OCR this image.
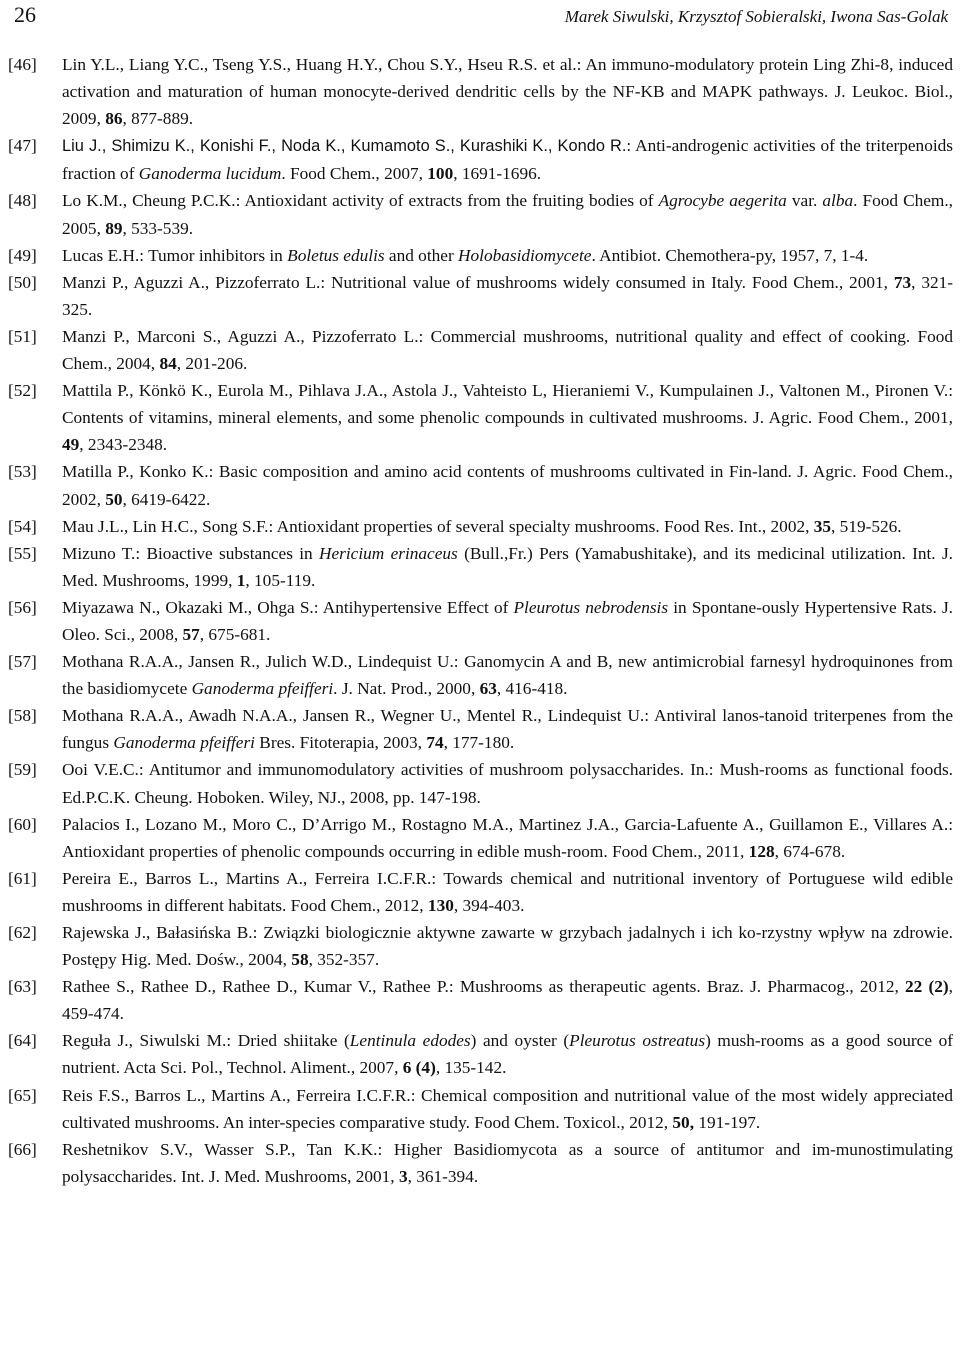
26	Marek Siwulski, Krzysztof Sobieralski, Iwona Sas-Golak
[46]	Lin Y.L., Liang Y.C., Tseng Y.S., Huang H.Y., Chou S.Y., Hseu R.S. et al.: An immuno-modulatory protein Ling Zhi-8, induced activation and maturation of human monocyte-derived dendritic cells by the NF-KB and MAPK pathways. J. Leukoc. Biol., 2009, 86, 877-889.
[47]	Liu J., Shimizu K., Konishi F., Noda K., Kumamoto S., Kurashiki K., Kondo R.: Anti-androgenic activities of the triterpenoids fraction of Ganoderma lucidum. Food Chem., 2007, 100, 1691-1696.
[48]	Lo K.M., Cheung P.C.K.: Antioxidant activity of extracts from the fruiting bodies of Agrocybe aegerita var. alba. Food Chem., 2005, 89, 533-539.
[49]	Lucas E.H.: Tumor inhibitors in Boletus edulis and other Holobasidiomycete. Antibiot. Chemothera-py, 1957, 7, 1-4.
[50]	Manzi P., Aguzzi A., Pizzoferrato L.: Nutritional value of mushrooms widely consumed in Italy. Food Chem., 2001, 73, 321-325.
[51]	Manzi P., Marconi S., Aguzzi A., Pizzoferrato L.: Commercial mushrooms, nutritional quality and effect of cooking. Food Chem., 2004, 84, 201-206.
[52]	Mattila P., Könkö K., Eurola M., Pihlava J.A., Astola J., Vahteisto L, Hieraniemi V., Kumpulainen J., Valtonen M., Pironen V.: Contents of vitamins, mineral elements, and some phenolic compounds in cultivated mushrooms. J. Agric. Food Chem., 2001, 49, 2343-2348.
[53]	Matilla P., Konko K.: Basic composition and amino acid contents of mushrooms cultivated in Fin-land. J. Agric. Food Chem., 2002, 50, 6419-6422.
[54]	Mau J.L., Lin H.C., Song S.F.: Antioxidant properties of several specialty mushrooms. Food Res. Int., 2002, 35, 519-526.
[55]	Mizuno T.: Bioactive substances in Hericium erinaceus (Bull.,Fr.) Pers (Yamabushitake), and its medicinal utilization. Int. J. Med. Mushrooms, 1999, 1, 105-119.
[56]	Miyazawa N., Okazaki M., Ohga S.: Antihypertensive Effect of Pleurotus nebrodensis in Spontane-ously Hypertensive Rats. J. Oleo. Sci., 2008, 57, 675-681.
[57]	Mothana R.A.A., Jansen R., Julich W.D., Lindequist U.: Ganomycin A and B, new antimicrobial farnesyl hydroquinones from the basidiomycete Ganoderma pfeifferi. J. Nat. Prod., 2000, 63, 416-418.
[58]	Mothana R.A.A., Awadh N.A.A., Jansen R., Wegner U., Mentel R., Lindequist U.: Antiviral lanos-tanoid triterpenes from the fungus Ganoderma pfeifferi Bres. Fitoterapia, 2003, 74, 177-180.
[59]	Ooi V.E.C.: Antitumor and immunomodulatory activities of mushroom polysaccharides. In.: Mush-rooms as functional foods. Ed.P.C.K. Cheung. Hoboken. Wiley, NJ., 2008, pp. 147-198.
[60]	Palacios I., Lozano M., Moro C., D’Arrigo M., Rostagno M.A., Martinez J.A., Garcia-Lafuente A., Guillamon E., Villares A.: Antioxidant properties of phenolic compounds occurring in edible mush-room. Food Chem., 2011, 128, 674-678.
[61]	Pereira E., Barros L., Martins A., Ferreira I.C.F.R.: Towards chemical and nutritional inventory of Portuguese wild edible mushrooms in different habitats. Food Chem., 2012, 130, 394-403.
[62]	Rajewska J., Bałasińska B.: Związki biologicznie aktywne zawarte w grzybach jadalnych i ich ko-rzystny wpływ na zdrowie. Postępy Hig. Med. Dośw., 2004, 58, 352-357.
[63]	Rathee S., Rathee D., Rathee D., Kumar V., Rathee P.: Mushrooms as therapeutic agents. Braz. J. Pharmacog., 2012, 22 (2), 459-474.
[64]	Reguła J., Siwulski M.: Dried shiitake (Lentinula edodes) and oyster (Pleurotus ostreatus) mush-rooms as a good source of nutrient. Acta Sci. Pol., Technol. Aliment., 2007, 6 (4), 135-142.
[65]	Reis F.S., Barros L., Martins A., Ferreira I.C.F.R.: Chemical composition and nutritional value of the most widely appreciated cultivated mushrooms. An inter-species comparative study. Food Chem. Toxicol., 2012, 50, 191-197.
[66]	Reshetnikov S.V., Wasser S.P., Tan K.K.: Higher Basidiomycota as a source of antitumor and im-munostimulating polysaccharides. Int. J. Med. Mushrooms, 2001, 3, 361-394.
